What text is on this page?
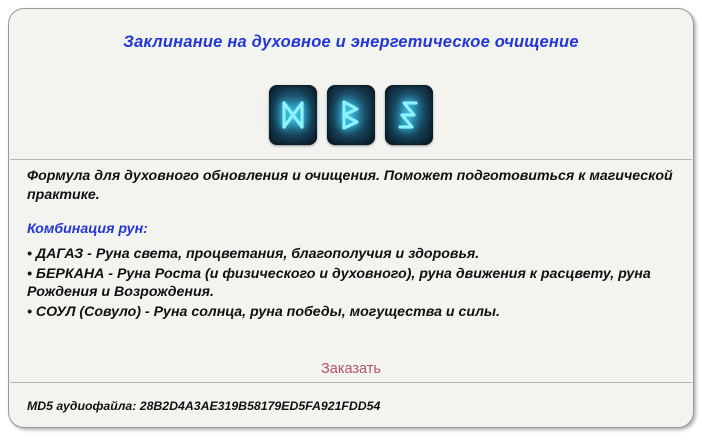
Заклинание на духовное и энергетическое очищение
Формула для духовного обновления и очищения. Поможет подготовиться к магической практике.
Комбинация рун:
• ДАГАЗ - Руна света, процветания, благополучия и здоровья.
• БЕРКАНА - Руна Роста (и физического и духовного), руна движения к расцвету, руна Рождения и Возрождения.
• СОУЛ (Совуло) - Руна солнца, руна победы, могущества и силы.
Заказать
MD5 аудиофайла: 28B2D4A3AE319B58179ED5FA921FDD54
